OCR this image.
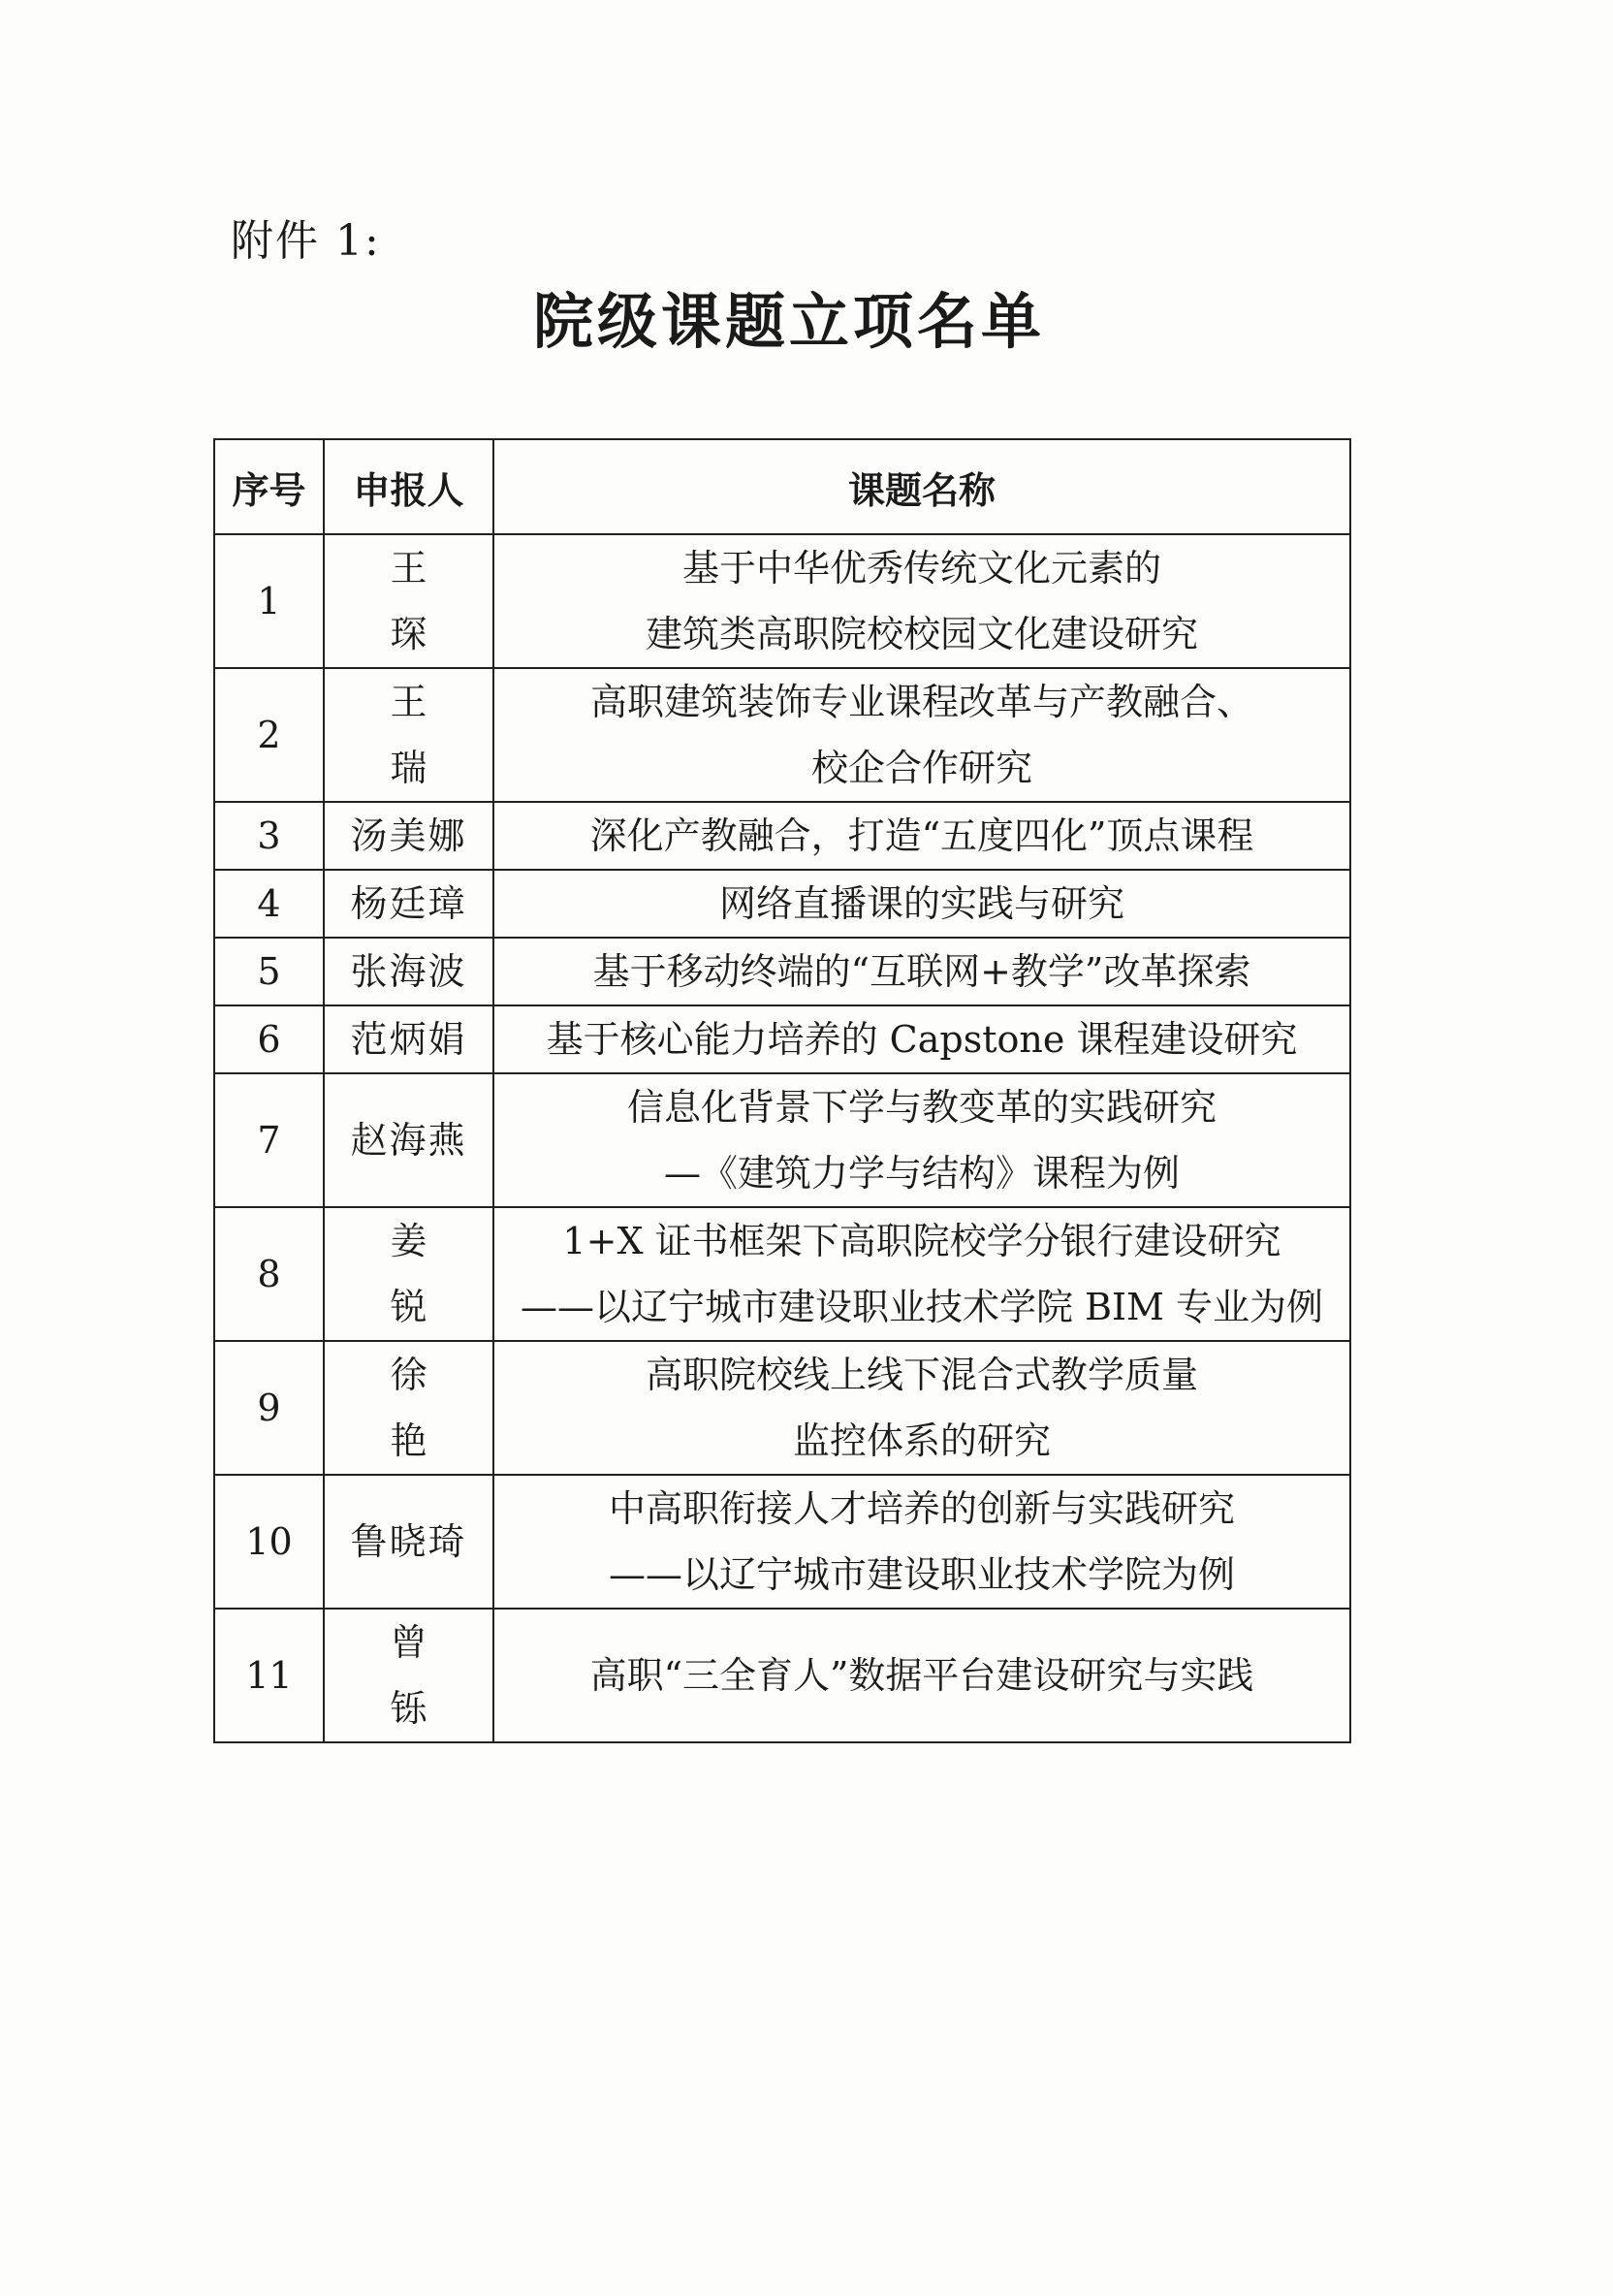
附件 1:
院级课题立项名单
序号	申报人	课题名称
1	王琛	基于中华优秀传统文化元素的
建筑类高职院校校园文化建设研究

2	王瑞	高职建筑装饰专业课程改革与产教融合、
校企合作研究

3	汤美娜	深化产教融合，打造“五度四化”顶点课程

4	杨廷璋	网络直播课的实践与研究

5	张海波	基于移动终端的“互联网+教学”改革探索

6	范炳娟	基于核心能力培养的 Capstone 课程建设研究

7	赵海燕	信息化背景下学与教变革的实践研究
—《建筑力学与结构》课程为例

8	姜锐	1+X 证书框架下高职院校学分银行建设研究
——以辽宁城市建设职业技术学院 BIM 专业为例

9	徐艳	高职院校线上线下混合式教学质量
监控体系的研究

10	鲁晓琦	中高职衔接人才培养的创新与实践研究
——以辽宁城市建设职业技术学院为例

11	曾铄	高职“三全育人”数据平台建设研究与实践
